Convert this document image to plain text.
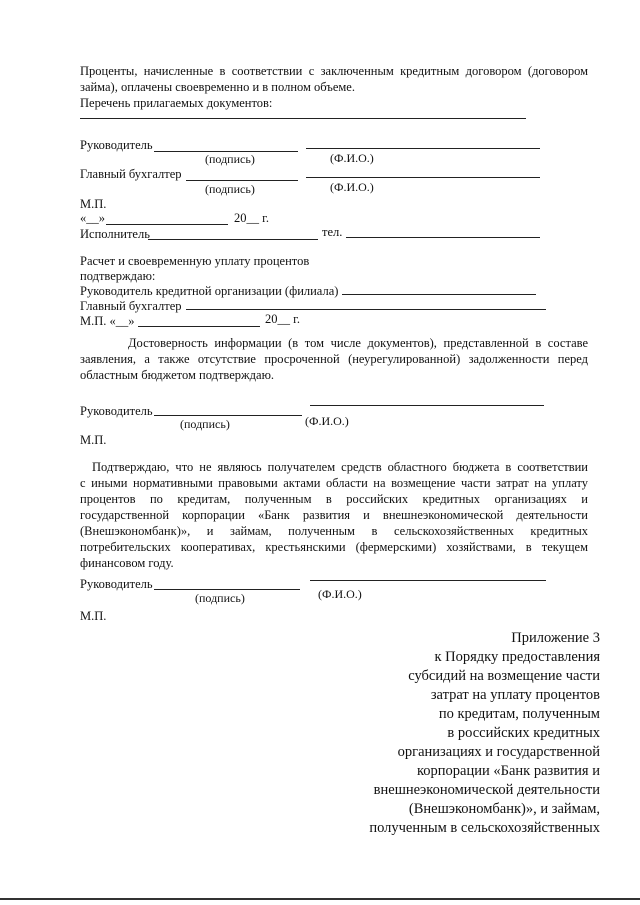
Проценты, начисленные в соответствии с заключенным кредитным договором (договором
займа), оплачены своевременно и в полном объеме.
Перечень прилагаемых документов:
Руководитель
(подпись)	(Ф.И.О.)
Главный бухгалтер
(подпись)	(Ф.И.О.)
М.П.
«__»	20__ г.
Исполнитель	тел.
Расчет и своевременную уплату процентов
подтверждаю:
Руководитель кредитной организации (филиала)
Главный бухгалтер
М.П. «__»	20__ г.
Достоверность информации (в том числе документов), представленной в составе
заявления, а также отсутствие просроченной (неурегулированной) задолженности перед
областным бюджетом подтверждаю.
Руководитель
(подпись)	(Ф.И.О.)
М.П.
Подтверждаю, что не являюсь получателем средств областного бюджета в соответствии
с иными нормативными правовыми актами области на возмещение части затрат на уплату
процентов по кредитам, полученным в российских кредитных организациях и
государственной корпорации «Банк развития и внешнеэкономической деятельности
(Внешэкономбанк)», и займам, полученным в сельскохозяйственных кредитных
потребительских кооперативах, крестьянскими (фермерскими) хозяйствами, в текущем
финансовом году.
Руководитель
(подпись)	(Ф.И.О.)
М.П.
Приложение 3
к Порядку предоставления
субсидий на возмещение части
затрат на уплату процентов
по кредитам, полученным
в российских кредитных
организациях и государственной
корпорации «Банк развития и
внешнеэкономической деятельности
(Внешэкономбанк)», и займам,
полученным в сельскохозяйственных
